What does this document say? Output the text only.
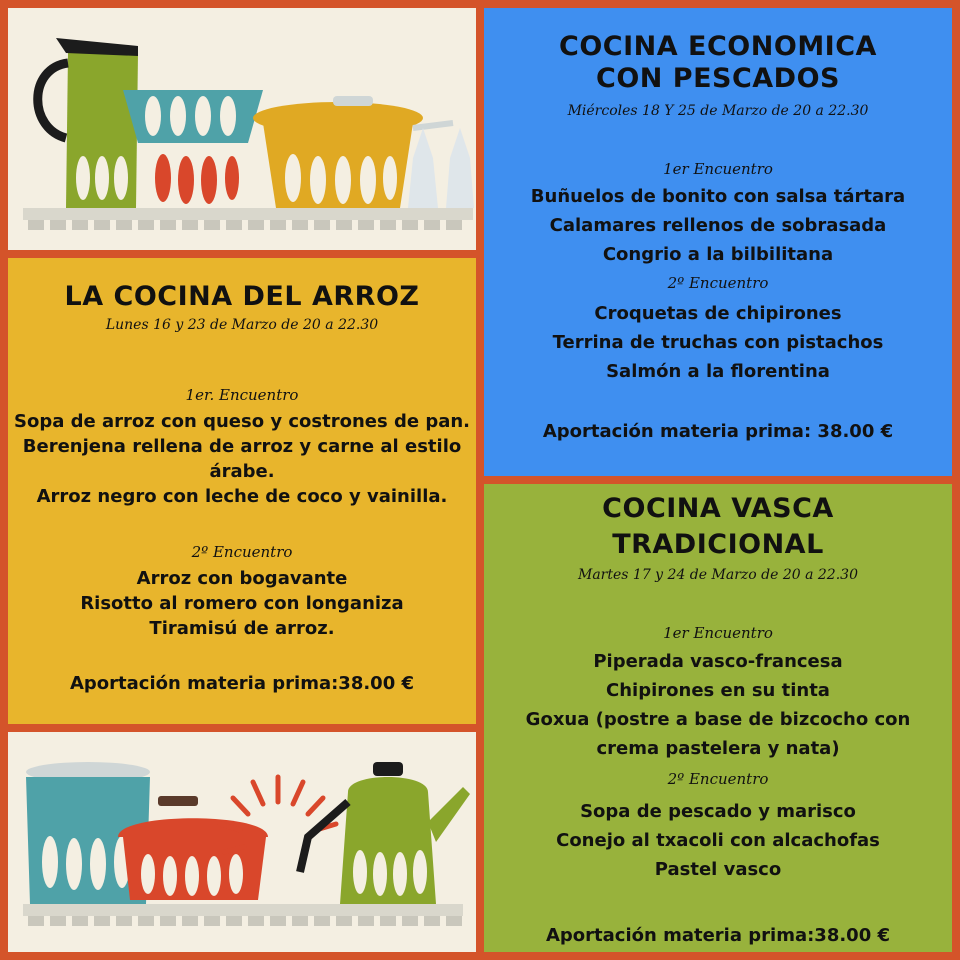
LA COCINA DEL ARROZ
Lunes 16 y 23 de Marzo de 20 a 22.30
1er. Encuentro
Sopa de arroz con queso y costrones de pan.
Berenjena rellena de arroz y carne al estilo
árabe.
Arroz negro con leche de coco y vainilla.
2º Encuentro
Arroz con bogavante
Risotto al romero con longaniza
Tiramisú de arroz.
Aportación materia prima:38.00 €
COCINA ECONOMICA
CON PESCADOS
Miércoles 18 Y 25 de Marzo de 20 a 22.30
1er Encuentro
Buñuelos de bonito con salsa tártara
Calamares rellenos de sobrasada
Congrio a la bilbilitana
2º Encuentro
Croquetas de chipirones
Terrina de truchas con pistachos
Salmón a la florentina
Aportación materia prima: 38.00 €
COCINA VASCA
TRADICIONAL
Martes 17 y 24 de Marzo de 20 a 22.30
1er Encuentro
Piperada vasco-francesa
Chipirones en su tinta
Goxua (postre a base de bizcocho con
crema pastelera y nata)
2º Encuentro
Sopa de pescado y marisco
Conejo al txacoli con alcachofas
Pastel vasco
Aportación materia prima:38.00 €
